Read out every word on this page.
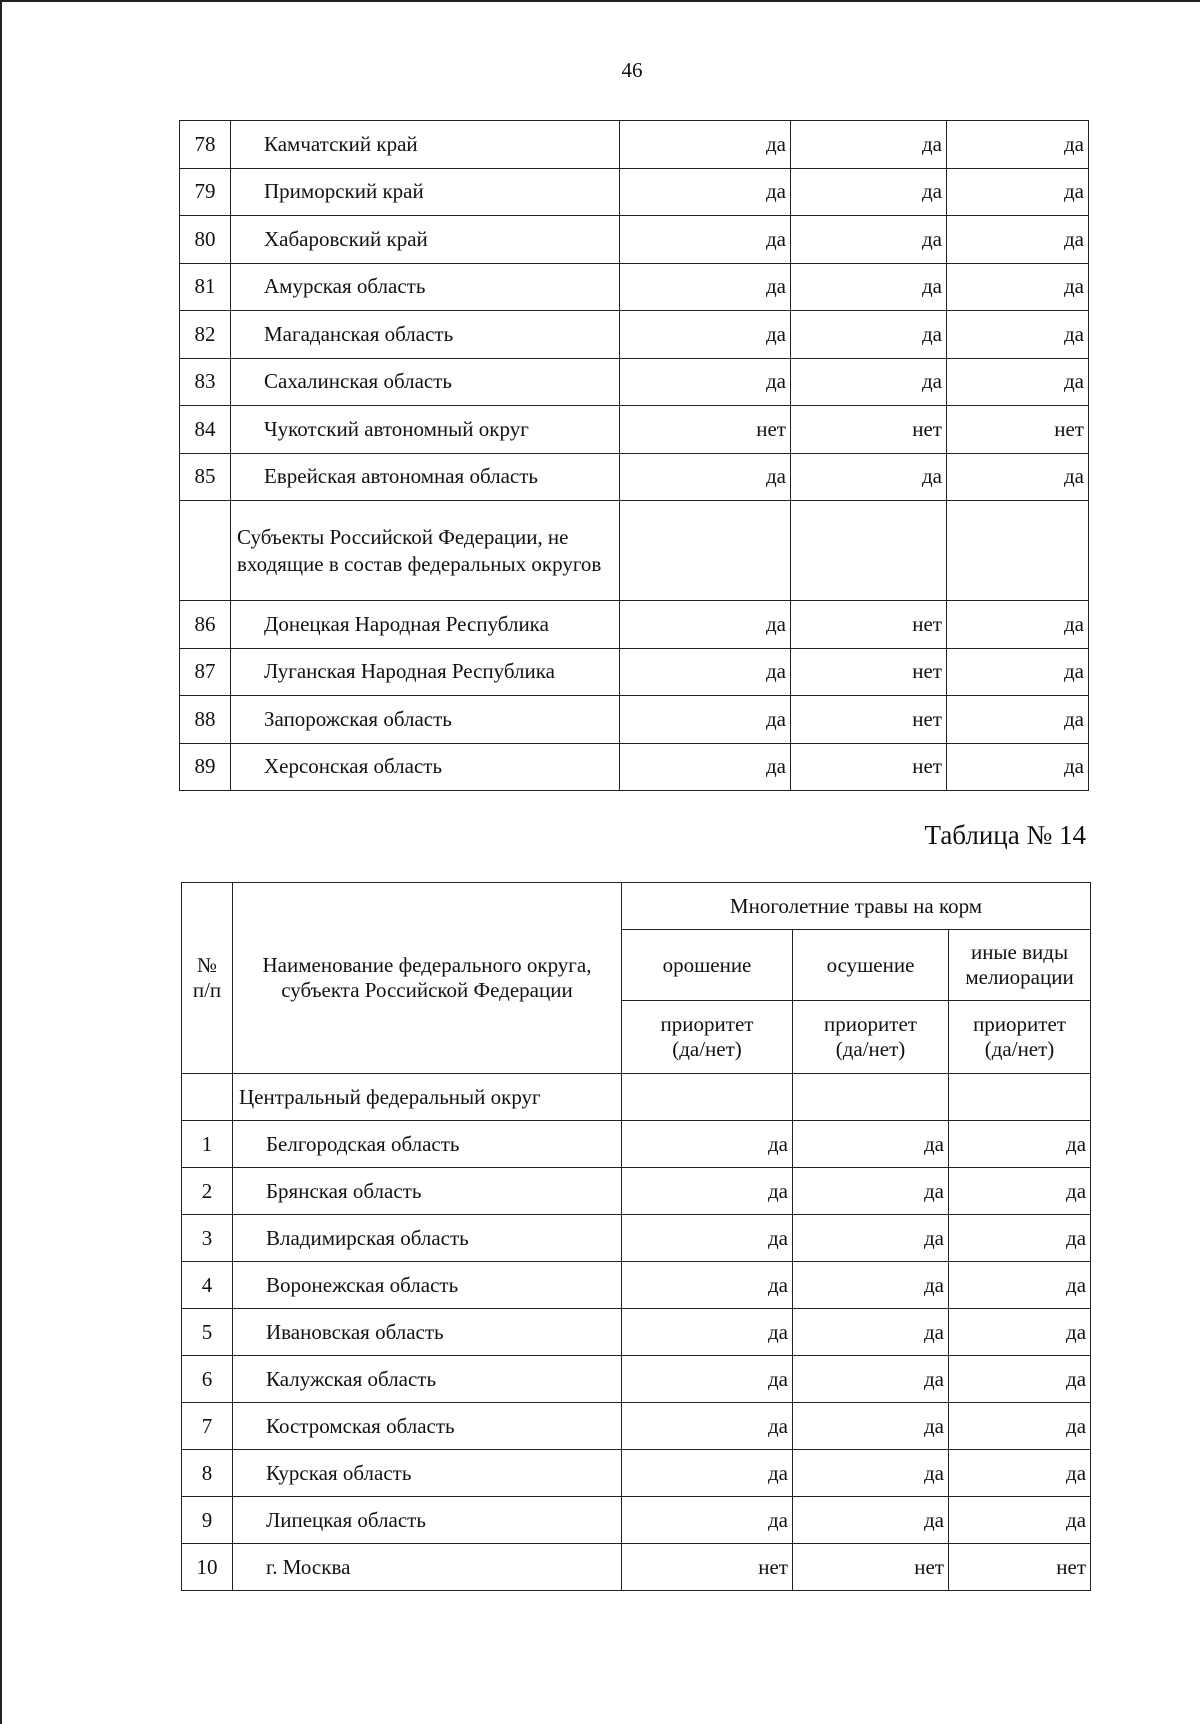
46
78	Камчатский край	да	да	да
79	Приморский край	да	да	да
80	Хабаровский край	да	да	да
81	Амурская область	да	да	да
82	Магаданская область	да	да	да
83	Сахалинская область	да	да	да
84	Чукотский автономный округ	нет	нет	нет
85	Еврейская автономная область	да	да	да
	Субъекты Российской Федерации, не входящие в состав федеральных округов			
86	Донецкая Народная Республика	да	нет	да
87	Луганская Народная Республика	да	нет	да
88	Запорожская область	да	нет	да
89	Херсонская область	да	нет	да
Таблица № 14
№ п/п	Наименование федерального округа, субъекта Российской Федерации	Многолетние травы на корм		
		орошение	осушение	иные виды мелиорации
		приоритет (да/нет)	приоритет (да/нет)	приоритет (да/нет)
	Центральный федеральный округ			
1	Белгородская область	да	да	да
2	Брянская область	да	да	да
3	Владимирская область	да	да	да
4	Воронежская область	да	да	да
5	Ивановская область	да	да	да
6	Калужская область	да	да	да
7	Костромская область	да	да	да
8	Курская область	да	да	да
9	Липецкая область	да	да	да
10	г. Москва	нет	нет	нет
